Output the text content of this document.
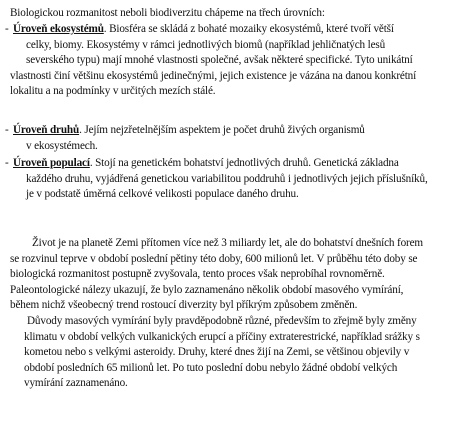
Biologickou rozmanitost neboli biodiverzitu chápeme na třech úrovních:
- Úroveň ekosystémů. Biosféra se skládá z bohaté mozaiky ekosystémů, které tvoří větší
celky, biomy. Ekosystémy v rámci jednotlivých biomů (například jehličnatých lesů
severského typu) mají mnohé vlastnosti společné, avšak některé specifické. Tyto unikátní
vlastnosti činí většinu ekosystémů jedinečnými, jejich existence je vázána na danou konkrétní
lokalitu a na podmínky v určitých mezích stálé.
- Úroveň druhů. Jejím nejzřetelnějším aspektem je počet druhů živých organismů
v ekosystémech.
- Úroveň populací. Stojí na genetickém bohatství jednotlivých druhů. Genetická základna
každého druhu, vyjádřená genetickou variabilitou poddruhů i jednotlivých jejich příslušníků,
je v podstatě úměrná celkové velikosti populace daného druhu.
Život je na planetě Zemi přítomen více než 3 miliardy let, ale do bohatství dnešních forem
se rozvinul teprve v období poslední pětiny této doby, 600 milionů let. V průběhu této doby se
biologická rozmanitost postupně zvyšovala, tento proces však neprobíhal rovnoměrně.
Paleontologické nálezy ukazují, že bylo zaznamenáno několik období masového vymírání,
během nichž všeobecný trend rostoucí diverzity byl příkrým způsobem změněn.
Důvody masových vymírání byly pravděpodobně různé, především to zřejmě byly změny
klimatu v období velkých vulkanických erupcí a příčiny extraterestrické, například srážky s
kometou nebo s velkými asteroidy. Druhy, které dnes žijí na Zemi, se většinou objevily v
období posledních 65 milionů let. Po tuto poslední dobu nebylo žádné období velkých
vymírání zaznamenáno.
